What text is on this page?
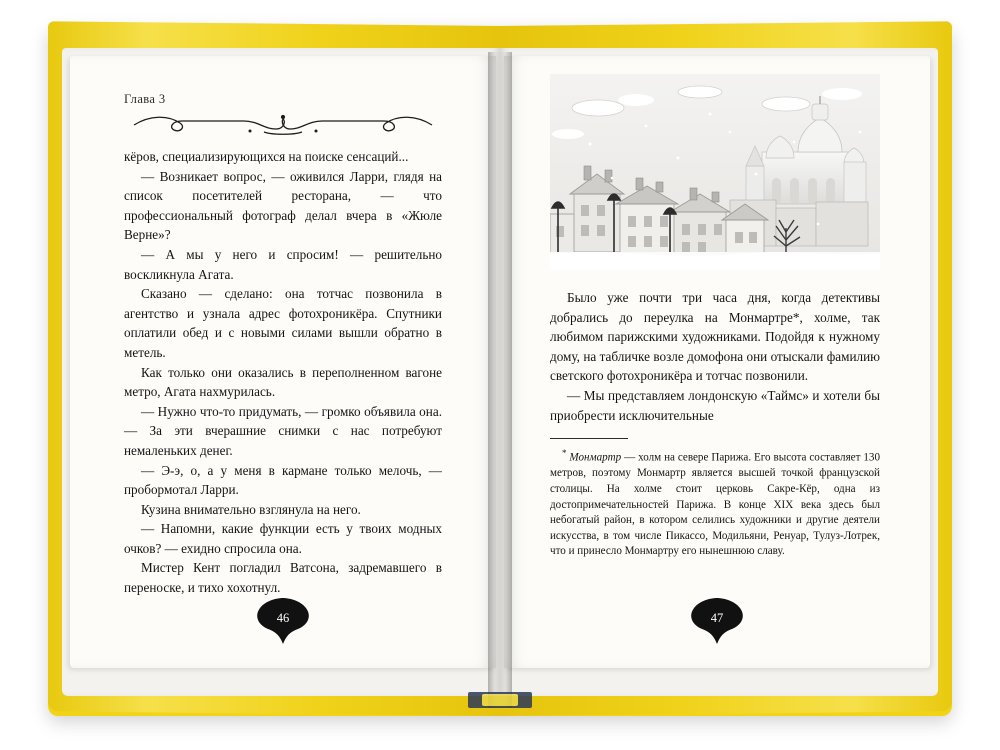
Глава 3

кёров, специализирующихся на поиске сенсаций...

— Возникает вопрос, — оживился Ларри, глядя на список посетителей ресторана, — что профессиональный фотограф делал вчера в «Жюле Верне»?

— А мы у него и спросим! — решительно воскликнула Агата.

Сказано — сделано: она тотчас позвонила в агентство и узнала адрес фотохроникёра. Спутники оплатили обед и с новыми силами вышли обратно в метель.

Как только они оказались в переполненном вагоне метро, Агата нахмурилась.

— Нужно что-то придумать, — громко объявила она. — За эти вчерашние снимки с нас потребуют немаленьких денег.

— Э-э, о, а у меня в кармане только мелочь, — пробормотал Ларри.

Кузина внимательно взглянула на него.

— Напомни, какие функции есть у твоих модных очков? — ехидно спросила она.

Мистер Кент погладил Ватсона, задремавшего в переноске, и тихо хохотнул.

46

Было уже почти три часа дня, когда детективы добрались до переулка на Монмартре*, холме, так любимом парижскими художниками. Подойдя к нужному дому, на табличке возле домофона они отыскали фамилию светского фотохроникёра и тотчас позвонили.

— Мы представляем лондонскую «Таймс» и хотели бы приобрести исключительные

* Монмартр — холм на севере Парижа. Его высота составляет 130 метров, поэтому Монмартр является высшей точкой французской столицы. На холме стоит церковь Сакре-Кёр, одна из достопримечательностей Парижа. В конце XIX века здесь был небогатый район, в котором селились художники и другие деятели искусства, в том числе Пикассо, Модильяни, Ренуар, Тулуз-Лотрек, что и принесло Монмартру его нынешнюю славу.

47
